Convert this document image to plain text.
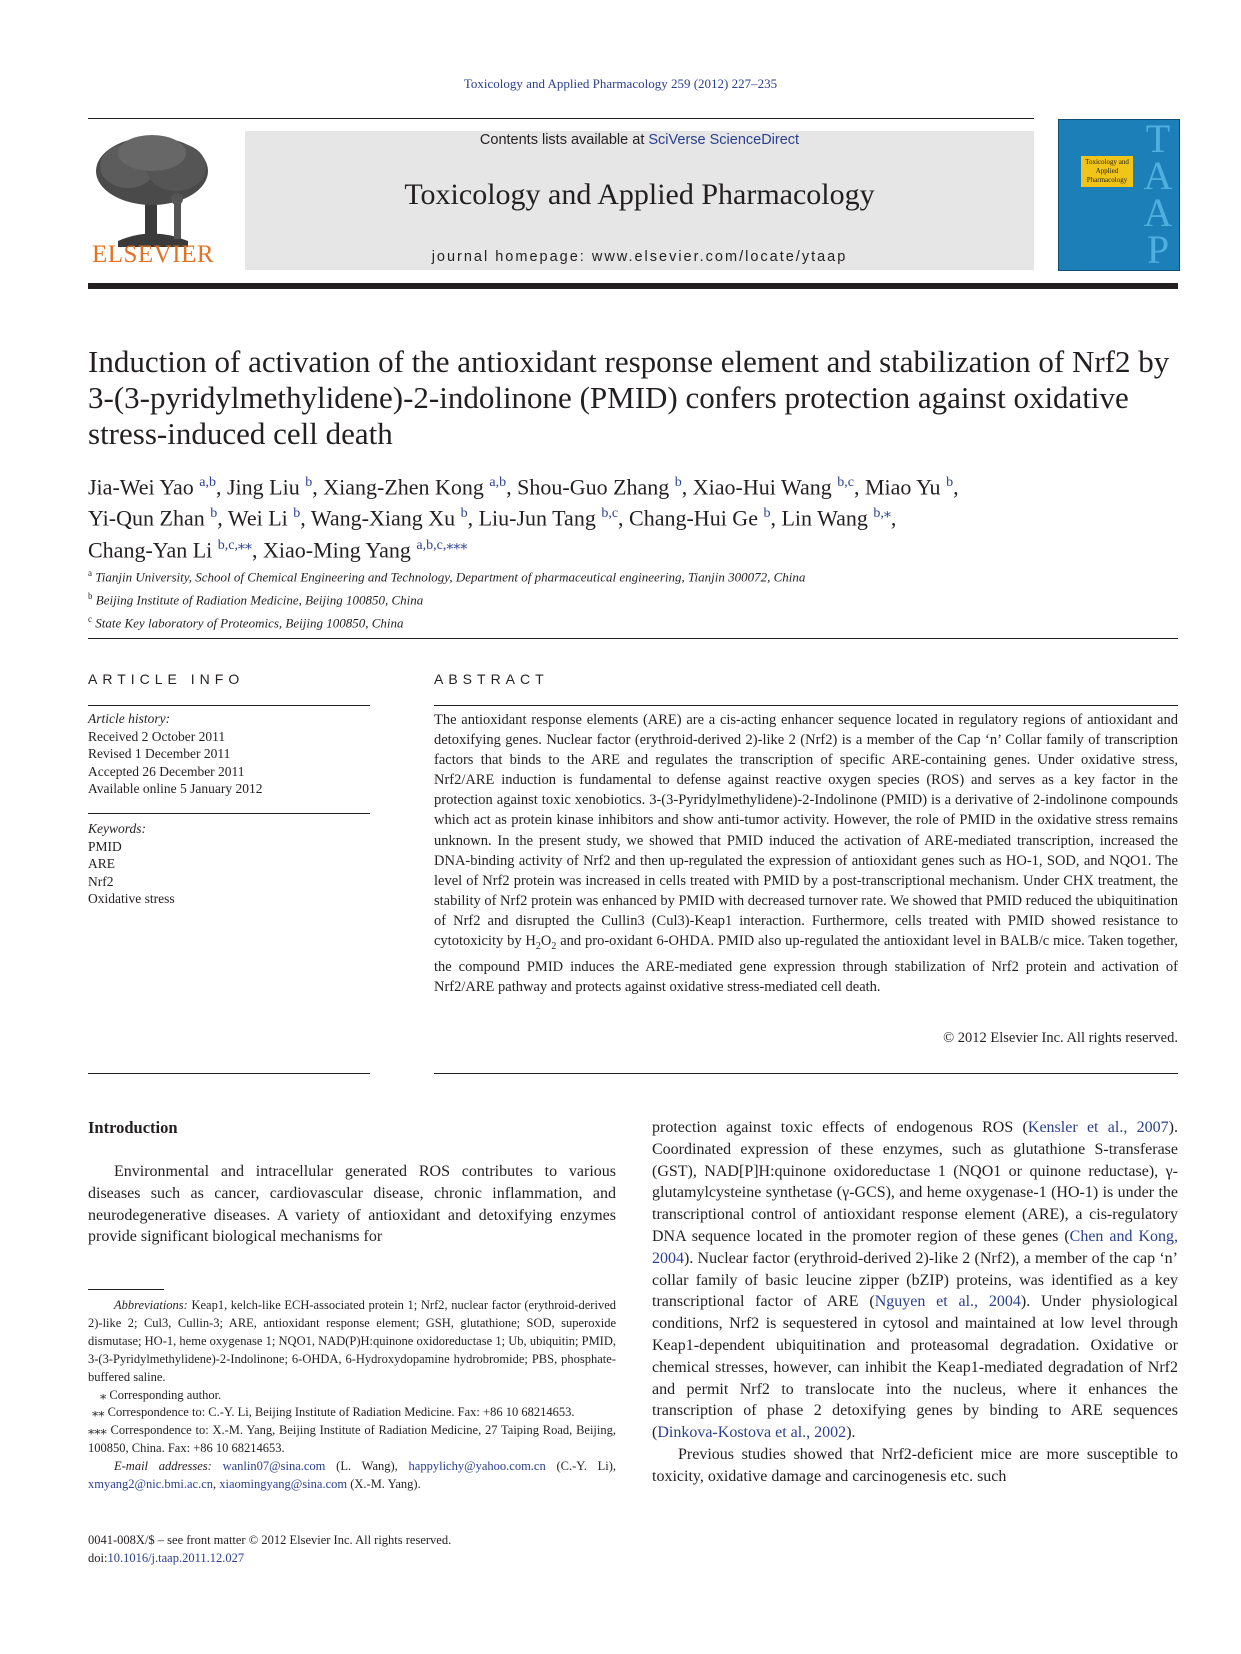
Toxicology and Applied Pharmacology 259 (2012) 227–235
ELSEVIER
Contents lists available at SciVerse ScienceDirect
Toxicology and Applied Pharmacology
journal homepage: www.elsevier.com/locate/ytaap
TAAP
Toxicology and Applied Pharmacology
Induction of activation of the antioxidant response element and stabilization of Nrf2 by 3-(3-pyridylmethylidene)-2-indolinone (PMID) confers protection against oxidative stress-induced cell death
Jia-Wei Yao $^{a,b}$, Jing Liu $^b$, Xiang-Zhen Kong $^{a,b}$, Shou-Guo Zhang $^b$, Xiao-Hui Wang $^{b,c}$, Miao Yu $^b$,
Yi-Qun Zhan $^b$, Wei Li $^b$, Wang-Xiang Xu $^b$, Liu-Jun Tang $^{b,c}$, Chang-Hui Ge $^b$, Lin Wang $^{b,⁎}$,
Chang-Yan Li $^{b,c,⁎⁎}$, Xiao-Ming Yang $^{a,b,c,⁎⁎⁎}$
$^a$ Tianjin University, School of Chemical Engineering and Technology, Department of pharmaceutical engineering, Tianjin 300072, China
$^b$ Beijing Institute of Radiation Medicine, Beijing 100850, China
$^c$ State Key laboratory of Proteomics, Beijing 100850, China
ARTICLE INFO
Article history:
Received 2 October 2011
Revised 1 December 2011
Accepted 26 December 2011
Available online 5 January 2012
Keywords:
PMID
ARE
Nrf2
Oxidative stress
ABSTRACT
The antioxidant response elements (ARE) are a cis-acting enhancer sequence located in regulatory regions of antioxidant and detoxifying genes. Nuclear factor (erythroid-derived 2)-like 2 (Nrf2) is a member of the Cap ‘n’ Collar family of transcription factors that binds to the ARE and regulates the transcription of specific ARE-containing genes. Under oxidative stress, Nrf2/ARE induction is fundamental to defense against reactive oxygen species (ROS) and serves as a key factor in the protection against toxic xenobiotics. 3-(3-Pyridylmethylidene)-2-Indolinone (PMID) is a derivative of 2-indolinone compounds which act as protein kinase inhibitors and show anti-tumor activity. However, the role of PMID in the oxidative stress remains unknown. In the present study, we showed that PMID induced the activation of ARE-mediated transcription, increased the DNA-binding activity of Nrf2 and then up-regulated the expression of antioxidant genes such as HO-1, SOD, and NQO1. The level of Nrf2 protein was increased in cells treated with PMID by a post-transcriptional mechanism. Under CHX treatment, the stability of Nrf2 protein was enhanced by PMID with decreased turnover rate. We showed that PMID reduced the ubiquitination of Nrf2 and disrupted the Cullin3 (Cul3)-Keap1 interaction. Furthermore, cells treated with PMID showed resistance to cytotoxicity by $H_2O_2$ and pro-oxidant 6-OHDA. PMID also up-regulated the antioxidant level in BALB/c mice. Taken together, the compound PMID induces the ARE-mediated gene expression through stabilization of Nrf2 protein and activation of Nrf2/ARE pathway and protects against oxidative stress-mediated cell death.
© 2012 Elsevier Inc. All rights reserved.
Introduction
Environmental and intracellular generated ROS contributes to various diseases such as cancer, cardiovascular disease, chronic inflammation, and neurodegenerative diseases. A variety of antioxidant and detoxifying enzymes provide significant biological mechanisms for

Abbreviations: Keap1, kelch-like ECH-associated protein 1; Nrf2, nuclear factor (erythroid-derived 2)-like 2; Cul3, Cullin-3; ARE, antioxidant response element; GSH, glutathione; SOD, superoxide dismutase; HO-1, heme oxygenase 1; NQO1, NAD(P)H:quinone oxidoreductase 1; Ub, ubiquitin; PMID, 3-(3-Pyridylmethylidene)-2-Indolinone; 6-OHDA, 6-Hydroxydopamine hydrobromide; PBS, phosphate-buffered saline.

⁎ Corresponding author.

⁎⁎ Correspondence to: C.-Y. Li, Beijing Institute of Radiation Medicine. Fax: +86 10 68214653.

⁎⁎⁎ Correspondence to: X.-M. Yang, Beijing Institute of Radiation Medicine, 27 Taiping Road, Beijing, 100850, China. Fax: +86 10 68214653.

E-mail addresses: wanlin07@sina.com (L. Wang), happylichy@yahoo.com.cn (C.-Y. Li), xmyang2@nic.bmi.ac.cn, xiaomingyang@sina.com (X.-M. Yang).

0041-008X/$ – see front matter © 2012 Elsevier Inc. All rights reserved.
doi:10.1016/j.taap.2011.12.027

protection against toxic effects of endogenous ROS (Kensler et al., 2007). Coordinated expression of these enzymes, such as glutathione S-transferase (GST), NAD[P]H:quinone oxidoreductase 1 (NQO1 or quinone reductase), γ-glutamylcysteine synthetase (γ-GCS), and heme oxygenase-1 (HO-1) is under the transcriptional control of antioxidant response element (ARE), a cis-regulatory DNA sequence located in the promoter region of these genes (Chen and Kong, 2004). Nuclear factor (erythroid-derived 2)-like 2 (Nrf2), a member of the cap ‘n’ collar family of basic leucine zipper (bZIP) proteins, was identified as a key transcriptional factor of ARE (Nguyen et al., 2004). Under physiological conditions, Nrf2 is sequestered in cytosol and maintained at low level through Keap1-dependent ubiquitination and proteasomal degradation. Oxidative or chemical stresses, however, can inhibit the Keap1-mediated degradation of Nrf2 and permit Nrf2 to translocate into the nucleus, where it enhances the transcription of phase 2 detoxifying genes by binding to ARE sequences (Dinkova-Kostova et al., 2002).

Previous studies showed that Nrf2-deficient mice are more susceptible to toxicity, oxidative damage and carcinogenesis etc. such
